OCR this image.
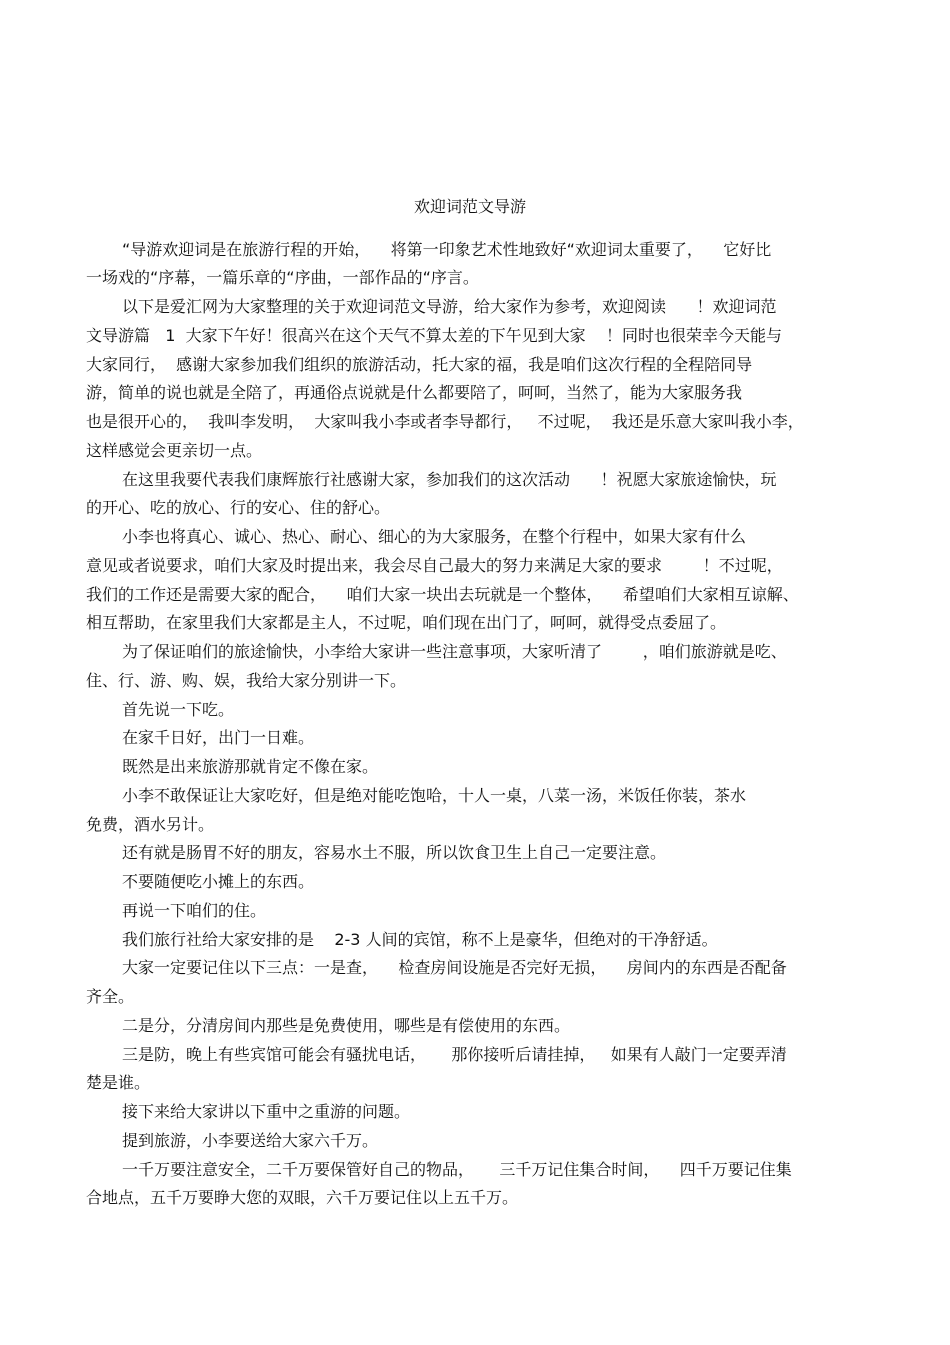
欢迎词范文导游
“导游欢迎词是在旅游行程的开始，    将第一印象艺术性地致好“欢迎词太重要了，    它好比
一场戏的“序幕，一篇乐章的“序曲，一部作品的“序言。
以下是爱汇网为大家整理的关于欢迎词范文导游，给大家作为参考，欢迎阅读      ！欢迎词范
文导游篇   1  大家下午好！很高兴在这个天气不算太差的下午见到大家    ！同时也很荣幸今天能与
大家同行，  感谢大家参加我们组织的旅游活动，托大家的福，我是咱们这次行程的全程陪同导
游，简单的说也就是全陪了，再通俗点说就是什么都要陪了，呵呵，当然了，能为大家服务我
也是很开心的，  我叫李发明，  大家叫我小李或者李导都行，   不过呢，  我还是乐意大家叫我小李，
这样感觉会更亲切一点。
在这里我要代表我们康辉旅行社感谢大家，参加我们的这次活动      ！祝愿大家旅途愉快，玩
的开心、吃的放心、行的安心、住的舒心。
小李也将真心、诚心、热心、耐心、细心的为大家服务，在整个行程中，如果大家有什么
意见或者说要求，咱们大家及时提出来，我会尽自己最大的努力来满足大家的要求        ！不过呢，
我们的工作还是需要大家的配合，    咱们大家一块出去玩就是一个整体，    希望咱们大家相互谅解、
相互帮助，在家里我们大家都是主人，不过呢，咱们现在出门了，呵呵，就得受点委屈了。
为了保证咱们的旅途愉快，小李给大家讲一些注意事项，大家听清了        ，咱们旅游就是吃、
住、行、游、购、娱，我给大家分别讲一下。
首先说一下吃。
在家千日好，出门一日难。
既然是出来旅游那就肯定不像在家。
小李不敢保证让大家吃好，但是绝对能吃饱哈，十人一桌，八菜一汤，米饭任你装，茶水
免费，酒水另计。
还有就是肠胃不好的朋友，容易水土不服，所以饮食卫生上自己一定要注意。
不要随便吃小摊上的东西。
再说一下咱们的住。
我们旅行社给大家安排的是    2-3 人间的宾馆，称不上是豪华，但绝对的干净舒适。
大家一定要记住以下三点：一是查，    检查房间设施是否完好无损，    房间内的东西是否配备
齐全。
二是分，分清房间内那些是免费使用，哪些是有偿使用的东西。
三是防，晚上有些宾馆可能会有骚扰电话，     那你接听后请挂掉，   如果有人敲门一定要弄清
楚是谁。
接下来给大家讲以下重中之重游的问题。
提到旅游，小李要送给大家六千万。
一千万要注意安全，二千万要保管好自己的物品，     三千万记住集合时间，    四千万要记住集
合地点，五千万要睁大您的双眼，六千万要记住以上五千万。
